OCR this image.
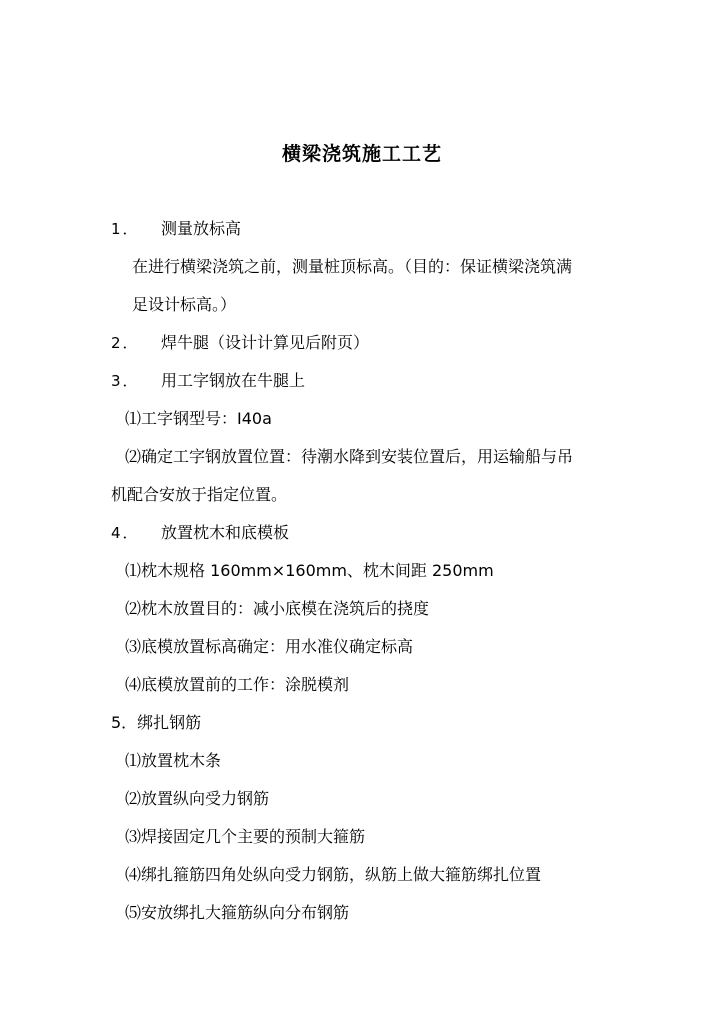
横梁浇筑施工工艺
1． 测量放标高
在进行横梁浇筑之前，测量桩顶标高。（目的：保证横梁浇筑满
足设计标高。）
2． 焊牛腿（设计计算见后附页）
3． 用工字钢放在牛腿上
⑴工字钢型号：I40a
⑵确定工字钢放置位置：待潮水降到安装位置后，用运输船与吊
机配合安放于指定位置。
4． 放置枕木和底模板
⑴枕木规格 160mm×160mm、枕木间距 250mm
⑵枕木放置目的：减小底模在浇筑后的挠度
⑶底模放置标高确定：用水准仪确定标高
⑷底模放置前的工作：涂脱模剂
5．绑扎钢筋
⑴放置枕木条
⑵放置纵向受力钢筋
⑶焊接固定几个主要的预制大箍筋
⑷绑扎箍筋四角处纵向受力钢筋，纵筋上做大箍筋绑扎位置
⑸安放绑扎大箍筋纵向分布钢筋
